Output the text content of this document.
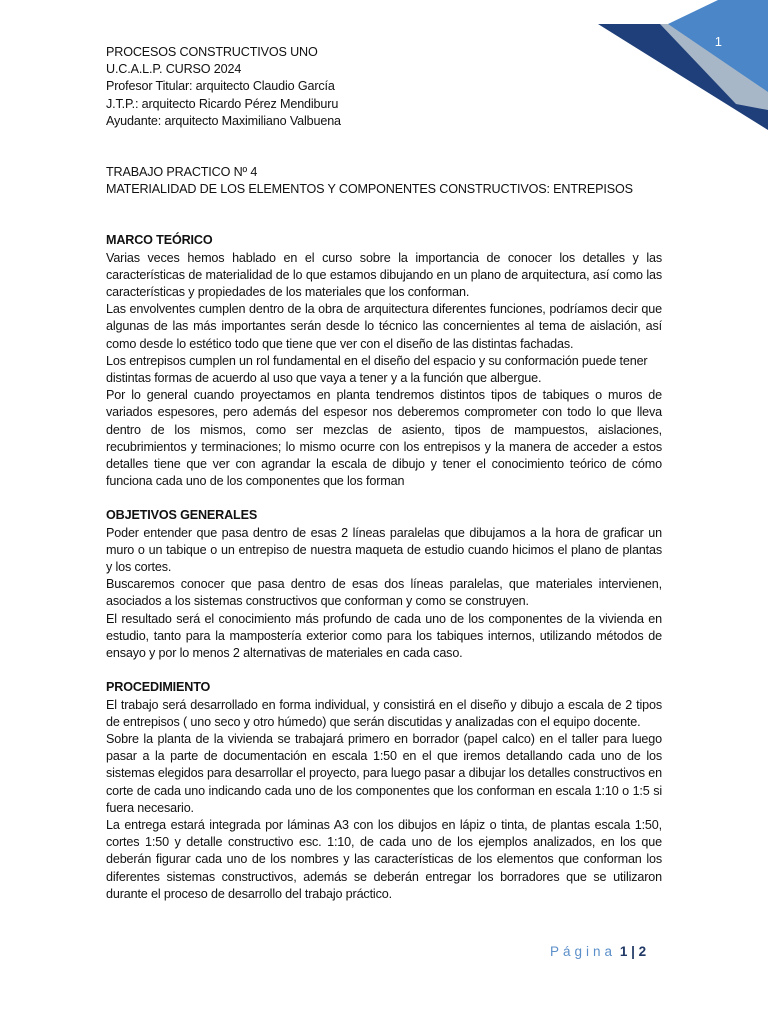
1

PROCESOS CONSTRUCTIVOS UNO

U.C.A.L.P. CURSO 2024

Profesor Titular: arquitecto Claudio García

J.T.P.: arquitecto Ricardo Pérez Mendiburu

Ayudante: arquitecto Maximiliano Valbuena

TRABAJO PRACTICO Nº 4

MATERIALIDAD DE LOS ELEMENTOS Y COMPONENTES CONSTRUCTIVOS: ENTREPISOS

MARCO TEÓRICO

Varias veces hemos hablado en el curso sobre la importancia de conocer los detalles y las características de materialidad de lo que estamos dibujando en un plano de arquitectura, así como las características y propiedades de los materiales que los conforman.

Las envolventes cumplen dentro de la obra de arquitectura diferentes funciones, podríamos decir que algunas de las más importantes serán desde lo técnico las concernientes al tema de aislación, así como desde lo estético todo que tiene que ver con el diseño de las distintas fachadas.

Los entrepisos cumplen un rol fundamental en el diseño del espacio y su conformación puede tener distintas formas de acuerdo al uso que vaya a tener y a la función que albergue.

Por lo general cuando proyectamos en planta tendremos distintos tipos de tabiques o muros de variados espesores, pero además del espesor nos deberemos comprometer con todo lo que lleva dentro de los mismos, como ser mezclas de asiento, tipos de mampuestos, aislaciones, recubrimientos y terminaciones; lo mismo ocurre con los entrepisos y la manera de acceder a estos detalles tiene que ver con agrandar la escala de dibujo y tener el conocimiento teórico de cómo funciona cada uno de los componentes que los forman

OBJETIVOS GENERALES

Poder entender que pasa dentro de esas 2 líneas paralelas que dibujamos a la hora de graficar un muro o un tabique o un entrepiso de nuestra maqueta de estudio cuando hicimos el plano de plantas y los cortes.

Buscaremos conocer que pasa dentro de esas dos líneas paralelas, que materiales intervienen, asociados a los sistemas constructivos que conforman y como se construyen.

El resultado será el conocimiento más profundo de cada uno de los componentes de la vivienda en estudio, tanto para la mampostería exterior como para los tabiques internos, utilizando métodos de ensayo y por lo menos 2 alternativas de materiales en cada caso.

PROCEDIMIENTO

El trabajo será desarrollado en forma individual, y consistirá en el diseño y dibujo a escala de 2 tipos de entrepisos ( uno seco y otro húmedo) que serán discutidas y analizadas con el equipo docente.

Sobre la planta de la vivienda se trabajará primero en borrador (papel calco) en el taller para luego pasar a la parte de documentación en escala 1:50 en el que iremos detallando cada uno de los sistemas elegidos para desarrollar el proyecto, para luego pasar a dibujar los detalles constructivos en corte de cada uno indicando cada uno de los componentes que los conforman en escala 1:10 o 1:5 si fuera necesario.

La entrega estará integrada por láminas A3 con los dibujos en lápiz o tinta, de plantas escala 1:50, cortes 1:50 y detalle constructivo esc. 1:10, de cada uno de los ejemplos analizados, en los que deberán figurar cada uno de los nombres y las características de los elementos que conforman los diferentes sistemas constructivos, además se deberán entregar los borradores que se utilizaron durante el proceso de desarrollo del trabajo práctico.

Página 1 | 2
